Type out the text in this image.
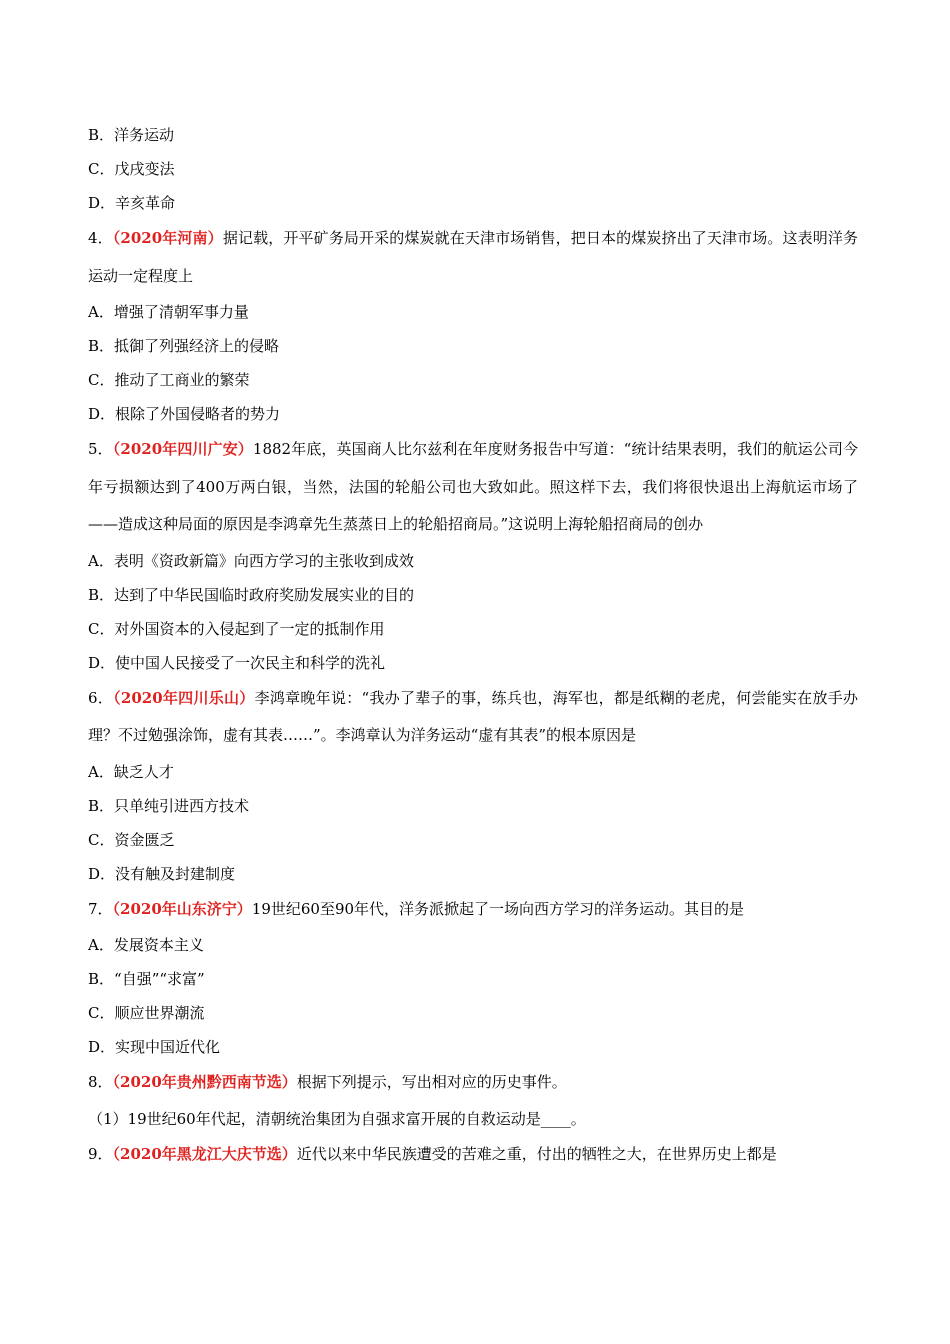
B．洋务运动

C．戊戌变法

D．辛亥革命

4．（2020年河南）据记载，开平矿务局开采的煤炭就在天津市场销售，把日本的煤炭挤出了天津市场。这表明洋务运动一定程度上

A．增强了清朝军事力量

B．抵御了列强经济上的侵略

C．推动了工商业的繁荣

D．根除了外国侵略者的势力

5．（2020年四川广安）1882年底，英国商人比尔兹利在年度财务报告中写道：“统计结果表明，我们的航运公司今年亏损额达到了400万两白银，当然，法国的轮船公司也大致如此。照这样下去，我们将很快退出上海航运市场了——造成这种局面的原因是李鸿章先生蒸蒸日上的轮船招商局。”这说明上海轮船招商局的创办

A．表明《资政新篇》向西方学习的主张收到成效

B．达到了中华民国临时政府奖励发展实业的目的

C．对外国资本的入侵起到了一定的抵制作用

D．使中国人民接受了一次民主和科学的洗礼

6．（2020年四川乐山）李鸿章晚年说：“我办了辈子的事，练兵也，海军也，都是纸糊的老虎，何尝能实在放手办理？不过勉强涂饰，虚有其表……”。李鸿章认为洋务运动“虚有其表”的根本原因是

A．缺乏人才

B．只单纯引进西方技术

C．资金匮乏

D．没有触及封建制度

7．（2020年山东济宁）19世纪60至90年代，洋务派掀起了一场向西方学习的洋务运动。其目的是

A．发展资本主义

B．“自强”“求富”

C．顺应世界潮流

D．实现中国近代化

8．（2020年贵州黔西南节选）根据下列提示，写出相对应的历史事件。

（1）19世纪60年代起，清朝统治集团为自强求富开展的自救运动是____。

9．（2020年黑龙江大庆节选）近代以来中华民族遭受的苦难之重，付出的牺牲之大，在世界历史上都是
